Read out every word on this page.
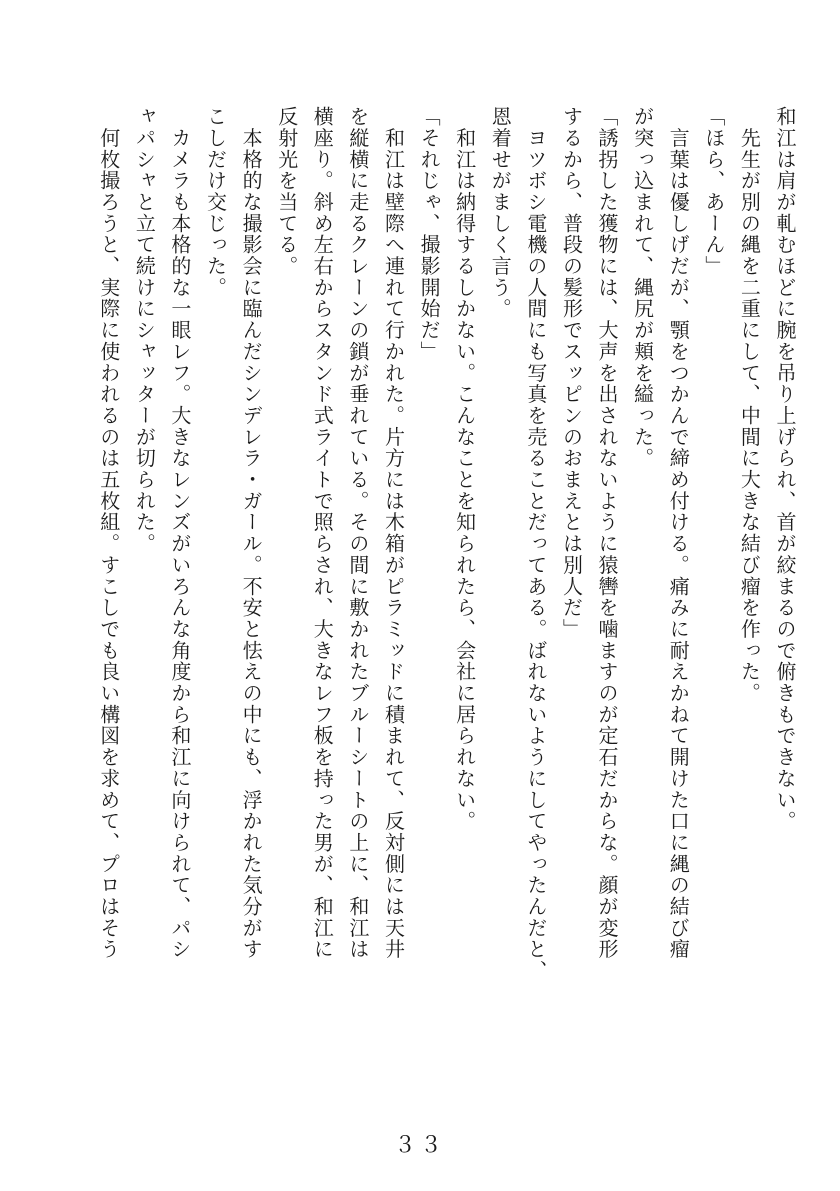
和江は肩が軋むほどに腕を吊り上げられ、首が絞まるので俯きもできない。
　先生が別の縄を二重にして、中間に大きな結び瘤を作った。
「ほら、あーん」
　言葉は優しげだが、顎をつかんで締め付ける。痛みに耐えかねて開けた口に縄の結び瘤
が突っ込まれて、縄尻が頬を縊った。
「誘拐した獲物には、大声を出されないように猿轡を噛ますのが定石だからな。顔が変形
するから、普段の髪形でスッピンのおまえとは別人だ」
　ヨツボシ電機の人間にも写真を売ることだってある。ばれないようにしてやったんだと、
恩着せがましく言う。
　和江は納得するしかない。こんなことを知られたら、会社に居られない。
「それじゃ、撮影開始だ」
　和江は壁際へ連れて行かれた。片方には木箱がピラミッドに積まれて、反対側には天井
を縦横に走るクレーンの鎖が垂れている。その間に敷かれたブルーシートの上に、和江は
横座り。斜め左右からスタンド式ライトで照らされ、大きなレフ板を持った男が、和江に
反射光を当てる。
　本格的な撮影会に臨んだシンデレラ・ガール。不安と怯えの中にも、浮かれた気分がす
こしだけ交じった。
　カメラも本格的な一眼レフ。大きなレンズがいろんな角度から和江に向けられて、パシ
ャパシャと立て続けにシャッターが切られた。
　何枚撮ろうと、実際に使われるのは五枚組。すこしでも良い構図を求めて、プロはそう
３３
